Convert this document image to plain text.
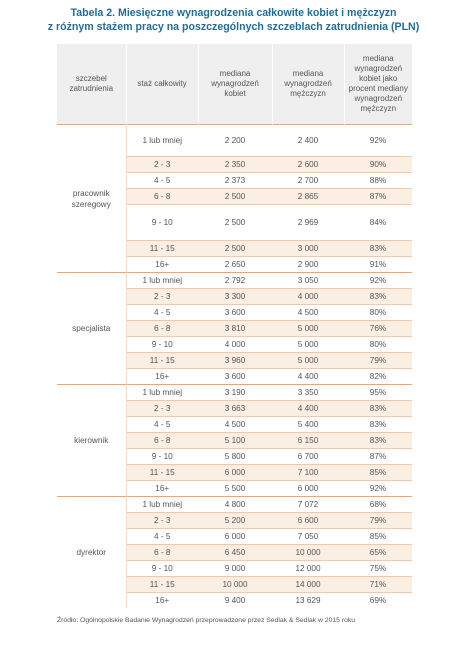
Tabela 2. Miesięczne wynagrodzenia całkowite kobiet i mężczyzn
z różnym stażem pracy na poszczególnych szczeblach zatrudnienia (PLN)
szczebel zatrudnienia	staż całkowity	mediana wynagrodzeń kobiet	mediana wynagrodzeń mężczyzn	mediana wynagrodzeń kobiet jako procent mediany wynagrodzeń mężczyzn
pracownik szeregowy	1 lub mniej	2 200	2 400	92%
	2 - 3	2 350	2 600	90%
	4 - 5	2 373	2 700	88%
	6 - 8	2 500	2 865	87%
	9 - 10	2 500	2 969	84%
	11 - 15	2 500	3 000	83%
	16+	2 650	2 900	91%
specjalista	1 lub mniej	2 792	3 050	92%
	2 - 3	3 300	4 000	83%
	4 - 5	3 600	4 500	80%
	6 - 8	3 810	5 000	76%
	9 - 10	4 000	5 000	80%
	11 - 15	3 960	5 000	79%
	16+	3 600	4 400	82%
kierownik	1 lub mniej	3 190	3 350	95%
	2 - 3	3 663	4 400	83%
	4 - 5	4 500	5 400	83%
	6 - 8	5 100	6 150	83%
	9 - 10	5 800	6 700	87%
	11 - 15	6 000	7 100	85%
	16+	5 500	6 000	92%
dyrektor	1 lub mniej	4 800	7 072	68%
	2 - 3	5 200	6 600	79%
	4 - 5	6 000	7 050	85%
	6 - 8	6 450	10 000	65%
	9 - 10	9 000	12 000	75%
	11 - 15	10 000	14 000	71%
	16+	9 400	13 629	69%
Źródło: Ogólnopolskie Badanie Wynagrodzeń przeprowadzone przez Sedlak & Sedlak w 2015 roku
